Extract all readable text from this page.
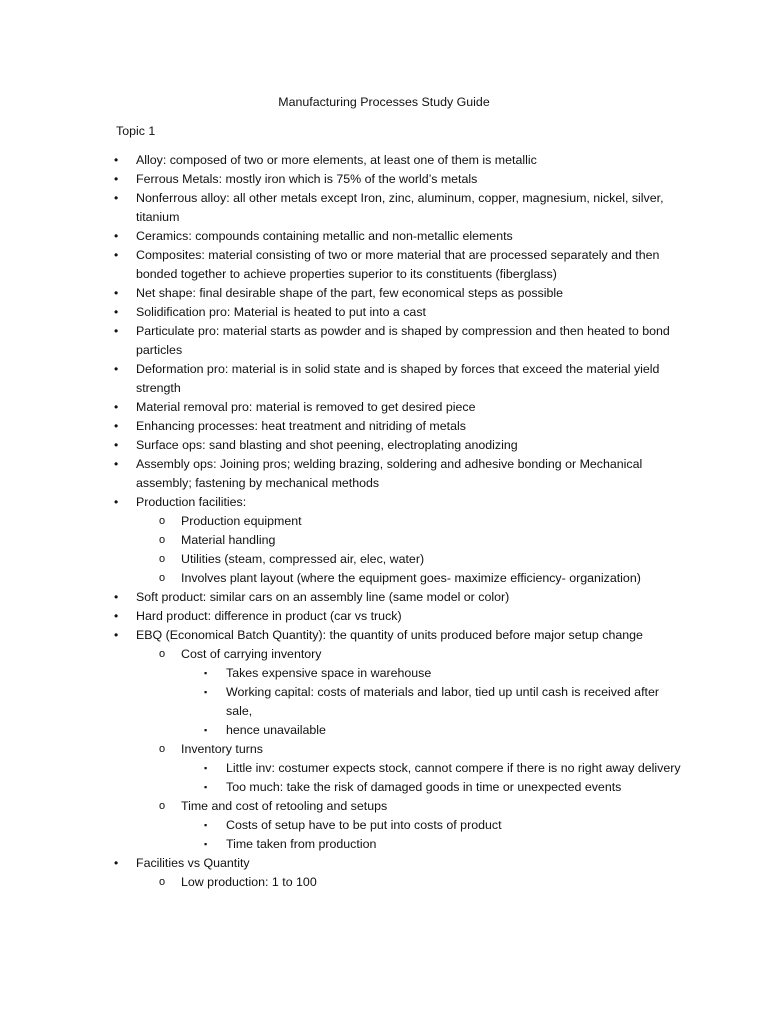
Manufacturing Processes Study Guide
Topic 1
• Alloy: composed of two or more elements, at least one of them is metallic
• Ferrous Metals: mostly iron which is 75% of the world’s metals
• Nonferrous alloy: all other metals except Iron, zinc, aluminum, copper, magnesium, nickel, silver, titanium
• Ceramics: compounds containing metallic and non-metallic elements
• Composites: material consisting of two or more material that are processed separately and then bonded together to achieve properties superior to its constituents (fiberglass)
• Net shape: final desirable shape of the part, few economical steps as possible
• Solidification pro: Material is heated to put into a cast
• Particulate pro: material starts as powder and is shaped by compression and then heated to bond particles
• Deformation pro: material is in solid state and is shaped by forces that exceed the material yield strength
• Material removal pro: material is removed to get desired piece
• Enhancing processes: heat treatment and nitriding of metals
• Surface ops: sand blasting and shot peening, electroplating anodizing
• Assembly ops: Joining pros; welding brazing, soldering and adhesive bonding or Mechanical assembly; fastening by mechanical methods
• Production facilities:
o Production equipment
o Material handling
o Utilities (steam, compressed air, elec, water)
o Involves plant layout (where the equipment goes- maximize efficiency- organization)
• Soft product: similar cars on an assembly line (same model or color)
• Hard product: difference in product (car vs truck)
• EBQ (Economical Batch Quantity): the quantity of units produced before major setup change
o Cost of carrying inventory
▪ Takes expensive space in warehouse
▪ Working capital: costs of materials and labor, tied up until cash is received after sale,
▪ hence unavailable
o Inventory turns
▪ Little inv: costumer expects stock, cannot compere if there is no right away delivery
▪ Too much: take the risk of damaged goods in time or unexpected events
o Time and cost of retooling and setups
▪ Costs of setup have to be put into costs of product
▪ Time taken from production
• Facilities vs Quantity
o Low production: 1 to 100
